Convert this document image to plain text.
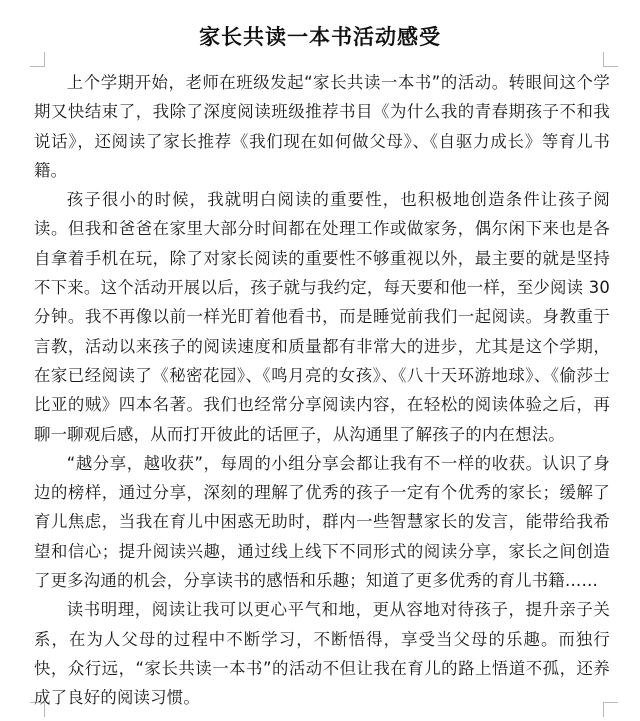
家长共读一本书活动感受

上个学期开始，老师在班级发起“家长共读一本书”的活动。转眼间这个学期又快结束了，我除了深度阅读班级推荐书目《为什么我的青春期孩子不和我说话》，还阅读了家长推荐《我们现在如何做父母》、《自驱力成长》等育儿书籍。

孩子很小的时候，我就明白阅读的重要性，也积极地创造条件让孩子阅读。但我和爸爸在家里大部分时间都在处理工作或做家务，偶尔闲下来也是各自拿着手机在玩，除了对家长阅读的重要性不够重视以外，最主要的就是坚持不下来。这个活动开展以后，孩子就与我约定，每天要和他一样，至少阅读 30 分钟。我不再像以前一样光盯着他看书，而是睡觉前我们一起阅读。身教重于言教，活动以来孩子的阅读速度和质量都有非常大的进步，尤其是这个学期，在家已经阅读了《秘密花园》、《鸣月亮的女孩》、《八十天环游地球》、《偷莎士比亚的贼》四本名著。我们也经常分享阅读内容，在轻松的阅读体验之后，再聊一聊观后感，从而打开彼此的话匣子，从沟通里了解孩子的内在想法。

“越分享，越收获”，每周的小组分享会都让我有不一样的收获。认识了身边的榜样，通过分享，深刻的理解了优秀的孩子一定有个优秀的家长；缓解了育儿焦虑，当我在育儿中困惑无助时，群内一些智慧家长的发言，能带给我希望和信心；提升阅读兴趣，通过线上线下不同形式的阅读分享，家长之间创造了更多沟通的机会，分享读书的感悟和乐趣；知道了更多优秀的育儿书籍……

读书明理，阅读让我可以更心平气和地，更从容地对待孩子，提升亲子关系，在为人父母的过程中不断学习，不断悟得，享受当父母的乐趣。而独行快，众行远，“家长共读一本书”的活动不但让我在育儿的路上悟道不孤，还养成了良好的阅读习惯。
